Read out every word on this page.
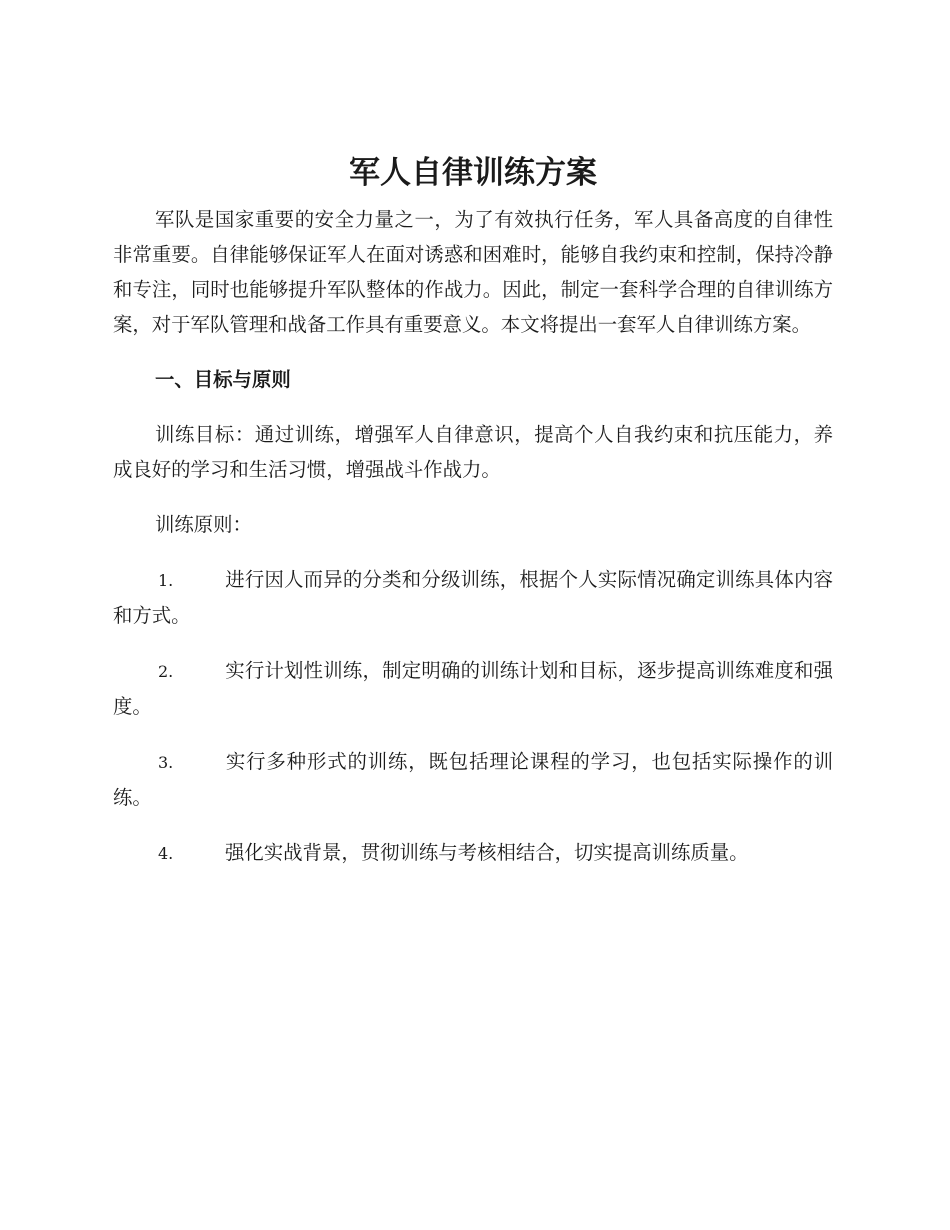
军人自律训练方案

军队是国家重要的安全力量之一，为了有效执行任务，军人具备高度的自律性非常重要。自律能够保证军人在面对诱惑和困难时，能够自我约束和控制，保持冷静和专注，同时也能够提升军队整体的作战力。因此，制定一套科学合理的自律训练方案，对于军队管理和战备工作具有重要意义。本文将提出一套军人自律训练方案。

一、目标与原则

训练目标：通过训练，增强军人自律意识，提高个人自我约束和抗压能力，养成良好的学习和生活习惯，增强战斗作战力。

训练原则：

1.	进行因人而异的分类和分级训练，根据个人实际情况确定训练具体内容和方式。

2.	实行计划性训练，制定明确的训练计划和目标，逐步提高训练难度和强度。

3.	实行多种形式的训练，既包括理论课程的学习，也包括实际操作的训练。

4.	强化实战背景，贯彻训练与考核相结合，切实提高训练质量。
